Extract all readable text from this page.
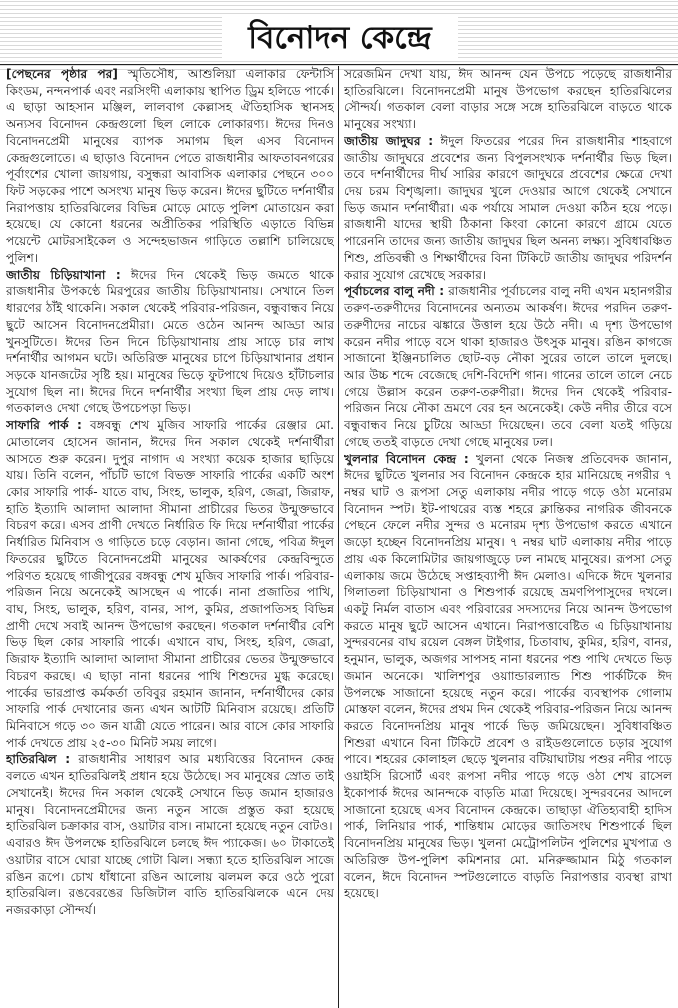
বিনোদন কেন্দ্রে

[পেছনের পৃষ্ঠার পর] স্মৃতিসৌধ, আশুলিয়া এলাকার ফেন্টাসি কিংডম, নন্দনপার্ক এবং নরসিংদী এলাকায় স্থাপিত ড্রিম হলিডে পার্কে। এ ছাড়া আহসান মঞ্জিল, লালবাগ কেল্লাসহ ঐতিহাসিক স্থানসহ অন্যসব বিনোদন কেন্দ্রগুলো ছিল লোকে লোকারণ্য। ঈদের দিনও বিনোদনপ্রেমী মানুষের ব্যাপক সমাগম ছিল এসব বিনোদন কেন্দ্রগুলোতে। এ ছাড়াও বিনোদন পেতে রাজধানীর আফতাবনগরের পূর্বাংশের খোলা জায়গায়, বসুন্ধরা আবাসিক এলাকার পেছনে ৩০০ ফিট সড়কের পাশে অসংখ্য মানুষ ভিড় করেন। ঈদের ছুটিতে দর্শনার্থীর নিরাপত্তায় হাতিরঝিলের বিভিন্ন মোড়ে মোড়ে পুলিশ মোতায়েন করা হয়েছে। যে কোনো ধরনের অপ্রীতিকর পরিস্থিতি এড়াতে বিভিন্ন পয়েন্টে মোটরসাইকেল ও সন্দেহভাজন গাড়িতে তল্লাশি চালিয়েছে পুলিশ।

জাতীয় চিড়িয়াখানা : ঈদের দিন থেকেই ভিড় জমতে থাকে রাজধানীর উপকণ্ঠে মিরপুরের জাতীয় চিড়িয়াখানায়। সেখানে তিল ধারণের ঠাঁই থাকেনি। সকাল থেকেই পরিবার-পরিজন, বন্ধুবান্ধব নিয়ে ছুটে আসেন বিনোদনপ্রেমীরা। মেতে ওঠেন আনন্দ আড্ডা আর খুনসুটিতে। ঈদের তিন দিনে চিড়িয়াখানায় প্রায় সাড়ে চার লাখ দর্শনার্থীর আগমন ঘটে। অতিরিক্ত মানুষের চাপে চিড়িয়াখানার প্রধান সড়কে যানজটের সৃষ্টি হয়। মানুষের ভিড়ে ফুটপাথে দিয়েও হাঁটাচলার সুযোগ ছিল না। ঈদের দিনে দর্শনার্থীর সংখ্যা ছিল প্রায় দেড় লাখ। গতকালও দেখা গেছে উপচেপড়া ভিড়।

সাফারি পার্ক : বঙ্গবন্ধু শেখ মুজিব সাফারি পার্কের রেঞ্জার মো. মোতালেব হোসেন জানান, ঈদের দিন সকাল থেকেই দর্শনার্থীরা আসতে শুরু করেন। দুপুর নাগাদ এ সংখ্যা কয়েক হাজার ছাড়িয়ে যায়। তিনি বলেন, পাঁচটি ভাগে বিভক্ত সাফারি পার্কের একটি অংশ কোর সাফারি পার্ক- যাতে বাঘ, সিংহ, ভালুক, হরিণ, জেব্রা, জিরাফ, হাতি ইত্যাদি আলাদা আলাদা সীমানা প্রাচীরের ভিতর উন্মুক্তভাবে বিচরণ করে। এসব প্রাণী দেখতে নির্ধারিত ফি দিয়ে দর্শনার্থীরা পার্কের নির্ধারিত মিনিবাস ও গাড়িতে চড়ে বেড়ান। জানা গেছে, পবিত্র ঈদুল ফিতরের ছুটিতে বিনোদনপ্রেমী মানুষের আকর্ষণের কেন্দ্রবিন্দুতে পরিণত হয়েছে গাজীপুরের বঙ্গবন্ধু শেখ মুজিব সাফারি পার্ক। পরিবার- পরিজন নিয়ে অনেকেই আসছেন এ পার্কে। নানা প্রজাতির পাখি, বাঘ, সিংহ, ভালুক, হরিণ, বানর, সাপ, কুমির, প্রজাপতিসহ বিভিন্ন প্রাণী দেখে সবাই আনন্দ উপভোগ করছেন। গতকাল দর্শনার্থীর বেশি ভিড় ছিল কোর সাফারি পার্কে। এখানে বাঘ, সিংহ, হরিণ, জেব্রা, জিরাফ ইত্যাদি আলাদা আলাদা সীমানা প্রাচীরের ভেতর উন্মুক্তভাবে বিচরণ করছে। এ ছাড়া নানা ধরনের পাখি শিশুদের মুগ্ধ করেছে। পার্কের ভারপ্রাপ্ত কর্মকর্তা তবিবুর রহমান জানান, দর্শনার্থীদের কোর সাফারি পার্ক দেখানোর জন্য এখন আটটি মিনিবাস রয়েছে। প্রতিটি মিনিবাসে গড়ে ৩০ জন যাত্রী যেতে পারেন। আর বাসে কোর সাফারি পার্ক দেখতে প্রায় ২৫-৩০ মিনিট সময় লাগে।

হাতিরঝিল : রাজধানীর সাধারণ আর মধ্যবিত্তের বিনোদন কেন্দ্র বলতে এখন হাতিরঝিলই প্রধান হয়ে উঠেছে। সব মানুষের স্রোত তাই সেখানেই। ঈদের দিন সকাল থেকেই সেখানে ভিড় জমান হাজারও মানুষ। বিনোদনপ্রেমীদের জন্য নতুন সাজে প্রস্তুত করা হয়েছে হাতিরঝিল চক্রাকার বাস, ওয়াটার বাস। নামানো হয়েছে নতুন বোটও।

এবারও ঈদ উপলক্ষে হাতিরঝিলে চলছে ঈদ প্যাকেজ। ৬০ টাকাতেই ওয়াটার বাসে ঘোরা যাচ্ছে গোটা ঝিল। সন্ধ্যা হতে হাতিরঝিল সাজে রঙিন রূপে। চোখ ধাঁধানো রঙিন আলোয় ঝলমল করে ওঠে পুরো হাতিরঝিল। রঙবেরঙের ডিজিটাল বাতি হাতিরঝিলকে এনে দেয় নজরকাড়া সৌন্দর্য।

সরেজমিন দেখা যায়, ঈদ আনন্দ যেন উপচে পড়েছে রাজধানীর হাতিরঝিলে। বিনোদনপ্রেমী মানুষ উপভোগ করছেন হাতিরঝিলের সৌন্দর্য। গতকাল বেলা বাড়ার সঙ্গে সঙ্গে হাতিরঝিলে বাড়তে থাকে মানুষের সংখ্যা।

জাতীয় জাদুঘর : ঈদুল ফিতরের পরের দিন রাজধানীর শাহবাগে জাতীয় জাদুঘরে প্রবেশের জন্য বিপুলসংখ্যক দর্শনার্থীর ভিড় ছিল। তবে দর্শনার্থীদের দীর্ঘ সারির কারণে জাদুঘরে প্রবেশের ক্ষেত্রে দেখা দেয় চরম বিশৃঙ্খলা। জাদুঘর খুলে দেওয়ার আগে থেকেই সেখানে ভিড় জমান দর্শনার্থীরা। এক পর্যায়ে সামাল দেওয়া কঠিন হয়ে পড়ে। রাজধানী যাদের স্থায়ী ঠিকানা কিংবা কোনো কারণে গ্রামে যেতে পারেননি তাদের জন্য জাতীয় জাদুঘর ছিল অনন্য লক্ষ্য। সুবিধাবঞ্চিত শিশু, প্রতিবন্ধী ও শিক্ষার্থীদের বিনা টিকিটে জাতীয় জাদুঘর পরিদর্শন করার সুযোগ রেখেছে সরকার।

পূর্বাচলের বালু নদী : রাজধানীর পূর্বাচলের বালু নদী এখন মহানগরীর তরুণ-তরুণীদের বিনোদনের অন্যতম আকর্ষণ। ঈদের পরদিন তরুণ-তরুণীদের নাচের ঝঙ্কারে উত্তাল হয়ে উঠে নদী। এ দৃশ্য উপভোগ করেন নদীর পাড়ে বসে থাকা হাজারও উৎসুক মানুষ। রঙিন কাগজে সাজানো ইঞ্জিনচালিত ছোট-বড় নৌকা সুরের তালে তালে দুলছে। আর উচ্চ শব্দে বেজেছে দেশি-বিদেশি গান। গানের তালে তালে নেচে গেয়ে উল্লাস করেন তরুণ-তরুণীরা। ঈদের দিন থেকেই পরিবার-পরিজন নিয়ে নৌকা ভ্রমণে বের হন অনেকেই। কেউ নদীর তীরে বসে বন্ধুবান্ধব নিয়ে চুটিয়ে আড্ডা দিয়েছেন। তবে বেলা যতই গড়িয়ে গেছে ততই বাড়তে দেখা গেছে মানুষের ঢল।

খুলনার বিনোদন কেন্দ্র : খুলনা থেকে নিজস্ব প্রতিবেদক জানান, ঈদের ছুটিতে খুলনার সব বিনোদন কেন্দ্রকে হার মানিয়েছে নগরীর ৭ নম্বর ঘাট ও রূপসা সেতু এলাকায় নদীর পাড়ে গড়ে ওঠা মনোরম বিনোদন স্পট। ইট-পাথরের ব্যস্ত শহরে ক্লান্তিকর নাগরিক জীবনকে পেছনে ফেলে নদীর সুন্দর ও মনোরম দৃশ্য উপভোগ করতে এখানে জড়ো হচ্ছেন বিনোদনপ্রিয় মানুষ। ৭ নম্বর ঘাট এলাকায় নদীর পাড়ে প্রায় এক কিলোমিটার জায়গাজুড়ে ঢল নামছে মানুষের। রূপসা সেতু এলাকায় জমে উঠেছে সপ্তাহব্যাপী ঈদ মেলাও। এদিকে ঈদে খুলনার গিলাতলা চিড়িয়াখানা ও শিশুপার্ক রয়েছে ভ্রমণপিপাসুদের দখলে। একটু নির্মল বাতাস এবং পরিবারের সদস্যদের নিয়ে আনন্দ উপভোগ করতে মানুষ ছুটে আসেন এখানে। নিরাপত্তাবেষ্টিত এ চিড়িয়াখানায় সুন্দরবনের বাঘ রয়েল বেঙ্গল টাইগার, চিতাবাঘ, কুমির, হরিণ, বানর, হনুমান, ভালুক, অজগর সাপসহ নানা ধরনের পশু পাখি দেখতে ভিড় জমান অনেকে। খালিশপুর ওয়াান্ডারল্যান্ড শিশু পার্কটিকে ঈদ উপলক্ষে সাজানো হয়েছে নতুন করে। পার্কের ব্যবস্থাপক গোলাম মোস্তফা বলেন, ঈদের প্রথম দিন থেকেই পরিবার-পরিজন নিয়ে আনন্দ করতে বিনোদনপ্রিয় মানুষ পার্কে ভিড় জমিয়েছেন। সুবিধাবঞ্চিত শিশুরা এখানে বিনা টিকিটে প্রবেশ ও রাইডগুলোতে চড়ার সুযোগ পাবে। শহরের কোলাহল ছেড়ে খুলনার বটিয়াঘাটায় পশুর নদীর পাড়ে ওয়াইসি রিসোর্ট এবং রূপসা নদীর পাড়ে গড়ে ওঠা শেখ রাসেল ইকোপার্ক ঈদের আনন্দকে বাড়তি মাত্রা দিয়েছে। সুন্দরবনের আদলে সাজানো হয়েছে এসব বিনোদন কেন্দ্রকে। তাছাড়া ঐতিহ্যবাহী হাদিস পার্ক, লিনিয়ার পার্ক, শান্তিধাম মোড়ের জাতিসংঘ শিশুপার্কে ছিল বিনোদনপ্রিয় মানুষের ভিড়। খুলনা মেট্রোপলিটন পুলিশের মুখপাত্র ও অতিরিক্ত উপ-পুলিশ কমিশনার মো. মনিরুজ্জামান মিঠু গতকাল বলেন, ঈদে বিনোদন স্পটগুলোতে বাড়তি নিরাপত্তার ব্যবস্থা রাখা হয়েছে।
